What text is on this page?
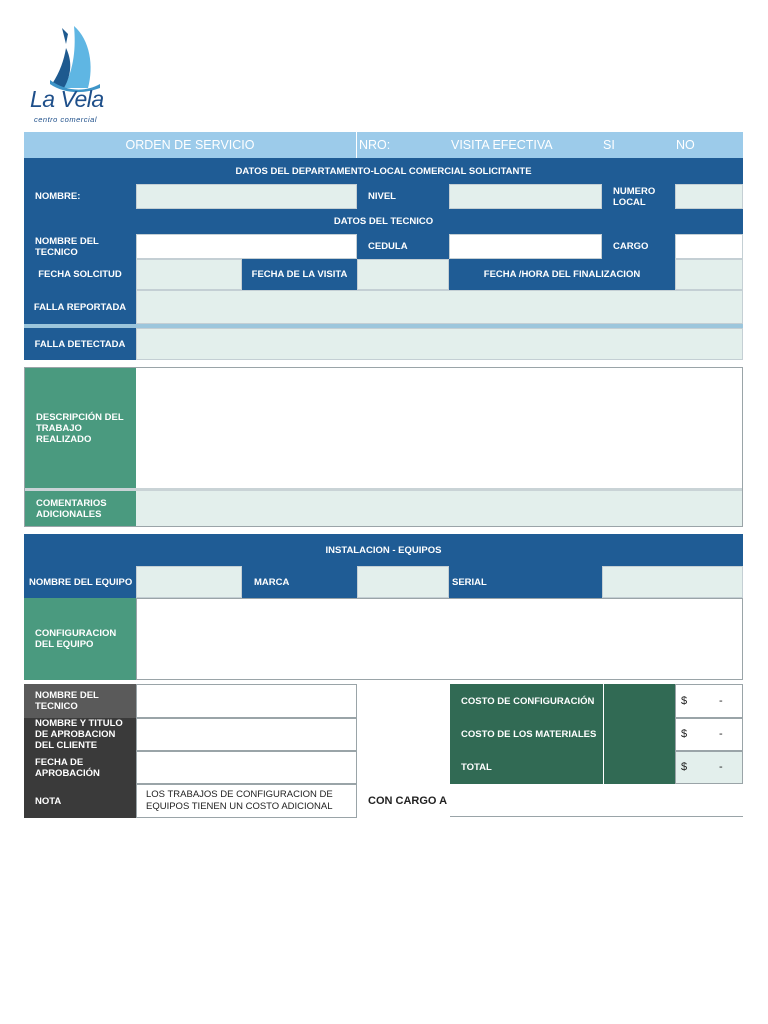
La Vela
centro comercial
ORDEN DE SERVICIO	NRO:	VISITA EFECTIVA	SI	NO
DATOS DEL DEPARTAMENTO-LOCAL COMERCIAL SOLICITANTE
NOMBRE:	NIVEL	NUMERO LOCAL
DATOS DEL TECNICO
NOMBRE DEL TECNICO	CEDULA	CARGO
FECHA SOLCITUD	FECHA DE LA VISITA	FECHA /HORA DEL FINALIZACION
FALLA REPORTADA
FALLA DETECTADA
DESCRIPCIÓN DEL TRABAJO REALIZADO
COMENTARIOS ADICIONALES
INSTALACION - EQUIPOS
NOMBRE DEL EQUIPO	MARCA	SERIAL
CONFIGURACION DEL EQUIPO
NOMBRE DEL TECNICO
NOMBRE Y TITULO DE APROBACION DEL CLIENTE
FECHA DE APROBACIÓN
NOTA
LOS TRABAJOS DE CONFIGURACION DE EQUIPOS TIENEN UN COSTO ADICIONAL
COSTO DE CONFIGURACIÓN	$	-
COSTO DE LOS MATERIALES	$	-
TOTAL	$	-
CON CARGO A
